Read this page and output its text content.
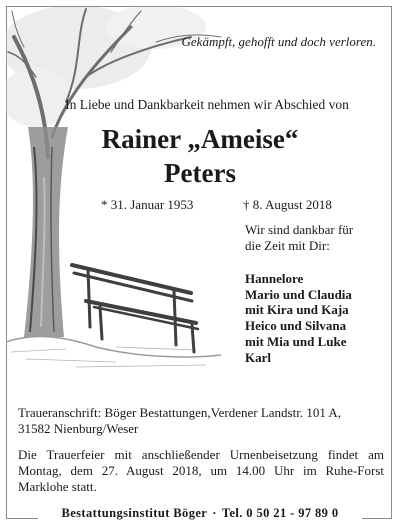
Gekämpft, gehofft und doch verloren.
In Liebe und Dankbarkeit nehmen wir Abschied von
Rainer „Ameise“
Peters
* 31. Januar 1953	† 8. August 2018
Wir sind dankbar für
die Zeit mit Dir:
Hannelore
Mario und Claudia
mit Kira und Kaja
Heico und Silvana
mit Mia und Luke
Karl
Traueranschrift: Böger Bestattungen,Verdener Landstr. 101 A,
31582 Nienburg/Weser
Die Trauerfeier mit anschließender Urnenbeisetzung findet am Montag, dem 27. August 2018, um 14.00 Uhr im Ruhe-Forst Marklohe statt.
Bestattungsinstitut Böger · Tel. 0 50 21 - 97 89 0
